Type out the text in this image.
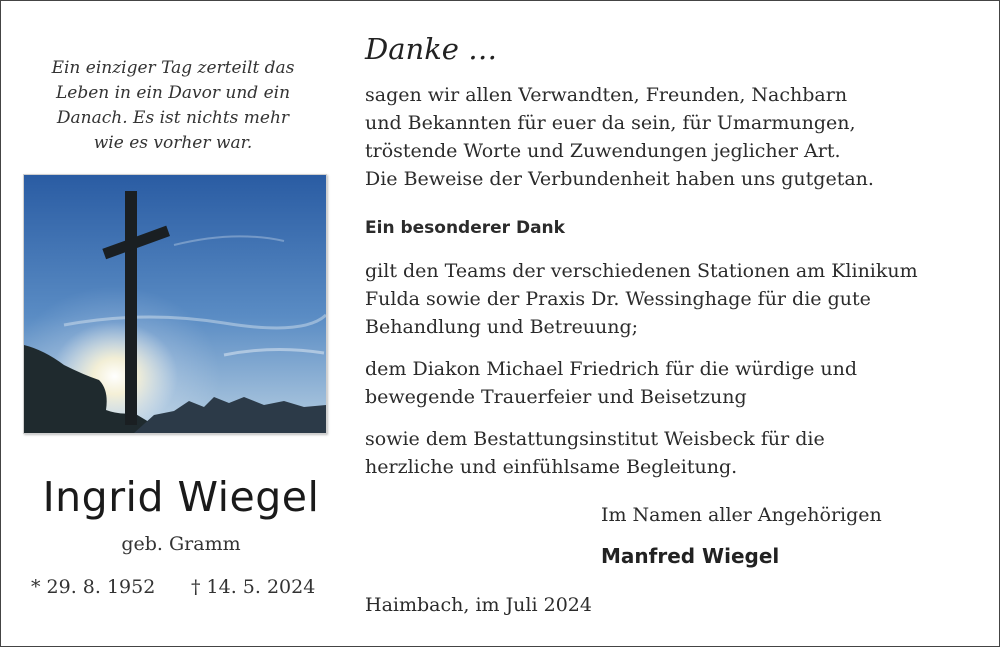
Ein einziger Tag zerteilt das
Leben in ein Davor und ein
Danach. Es ist nichts mehr
wie es vorher war.
Ingrid Wiegel
geb. Gramm
* 29. 8. 1952 † 14. 5. 2024
Danke …
sagen wir allen Verwandten, Freunden, Nachbarn
und Bekannten für euer da sein, für Umarmungen,
tröstende Worte und Zuwendungen jeglicher Art.
Die Beweise der Verbundenheit haben uns gutgetan.
Ein besonderer Dank
gilt den Teams der verschiedenen Stationen am Klinikum
Fulda sowie der Praxis Dr. Wessinghage für die gute
Behandlung und Betreuung;
dem Diakon Michael Friedrich für die würdige und
bewegende Trauerfeier und Beisetzung
sowie dem Bestattungsinstitut Weisbeck für die
herzliche und einfühlsame Begleitung.
Im Namen aller Angehörigen
Manfred Wiegel
Haimbach, im Juli 2024
